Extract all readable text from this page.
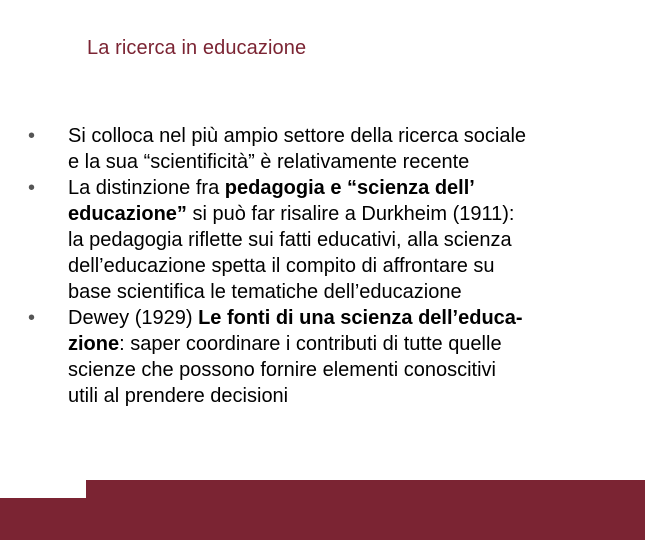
La ricerca in educazione
•	Si colloca nel più ampio settore della ricerca sociale
e la sua “scientificità” è relativamente recente
•	La distinzione fra pedagogia e “scienza dell’
educazione” si può far risalire a Durkheim (1911):
la pedagogia riflette sui fatti educativi, alla scienza
dell’educazione spetta il compito di affrontare su
base scientifica le tematiche dell’educazione
•	Dewey (1929) Le fonti di una scienza dell’educa-
zione: saper coordinare i contributi di tutte quelle
scienze che possono fornire elementi conoscitivi
utili al prendere decisioni
